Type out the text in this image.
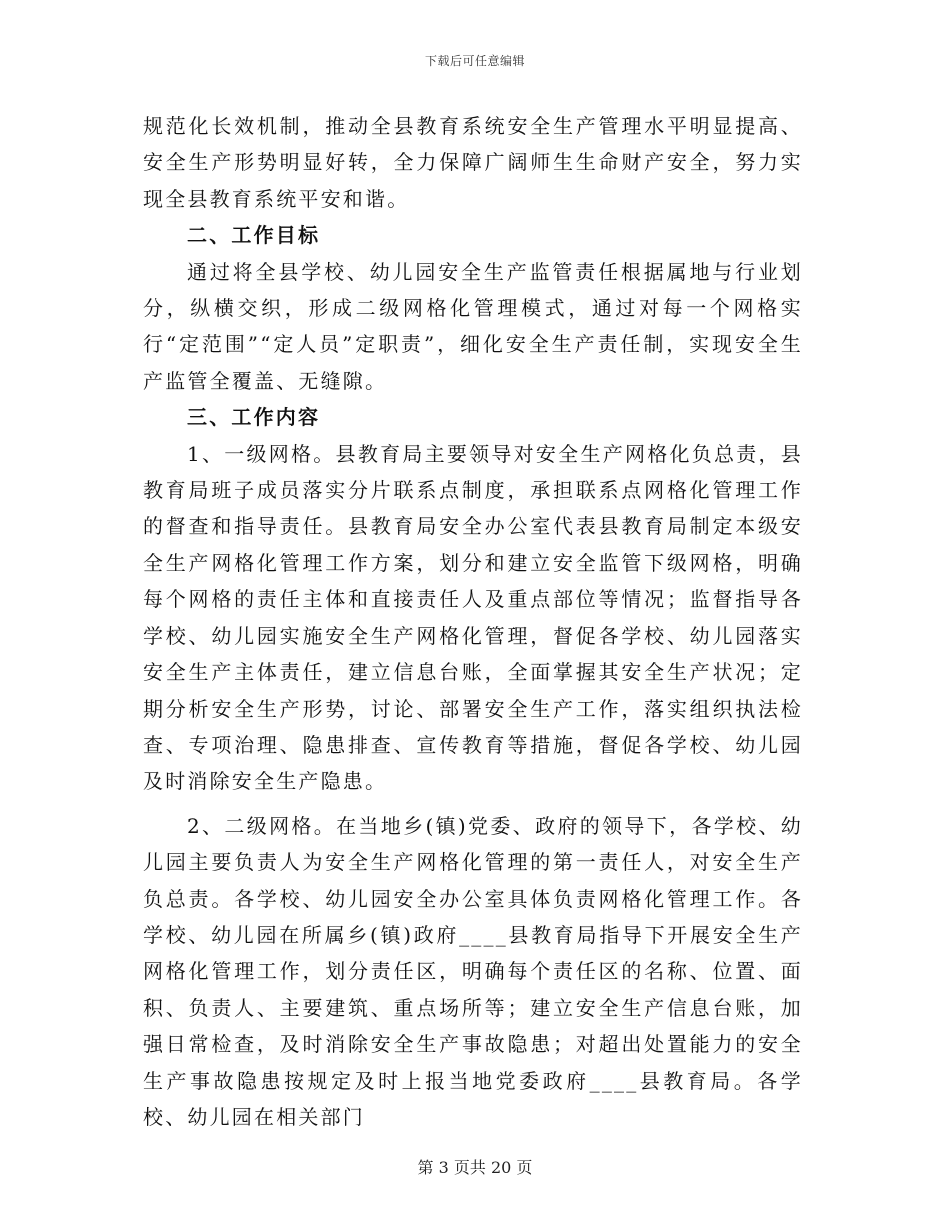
下载后可任意编辑

规范化长效机制，推动全县教育系统安全生产管理水平明显提高、安全生产形势明显好转，全力保障广阔师生生命财产安全，努力实现全县教育系统平安和谐。

二、工作目标

通过将全县学校、幼儿园安全生产监管责任根据属地与行业划分，纵横交织，形成二级网格化管理模式，通过对每一个网格实行“定范围”“定人员”定职责”，细化安全生产责任制，实现安全生产监管全覆盖、无缝隙。

三、工作内容

1、一级网格。县教育局主要领导对安全生产网格化负总责，县教育局班子成员落实分片联系点制度，承担联系点网格化管理工作的督查和指导责任。县教育局安全办公室代表县教育局制定本级安全生产网格化管理工作方案，划分和建立安全监管下级网格，明确每个网格的责任主体和直接责任人及重点部位等情况；监督指导各学校、幼儿园实施安全生产网格化管理，督促各学校、幼儿园落实安全生产主体责任，建立信息台账，全面掌握其安全生产状况；定期分析安全生产形势，讨论、部署安全生产工作，落实组织执法检查、专项治理、隐患排查、宣传教育等措施，督促各学校、幼儿园及时消除安全生产隐患。

2、二级网格。在当地乡(镇)党委、政府的领导下，各学校、幼儿园主要负责人为安全生产网格化管理的第一责任人，对安全生产负总责。各学校、幼儿园安全办公室具体负责网格化管理工作。各学校、幼儿园在所属乡(镇)政府____县教育局指导下开展安全生产网格化管理工作，划分责任区，明确每个责任区的名称、位置、面积、负责人、主要建筑、重点场所等；建立安全生产信息台账，加强日常检查，及时消除安全生产事故隐患；对超出处置能力的安全生产事故隐患按规定及时上报当地党委政府____县教育局。各学校、幼儿园在相关部门

第 3 页共 20 页
